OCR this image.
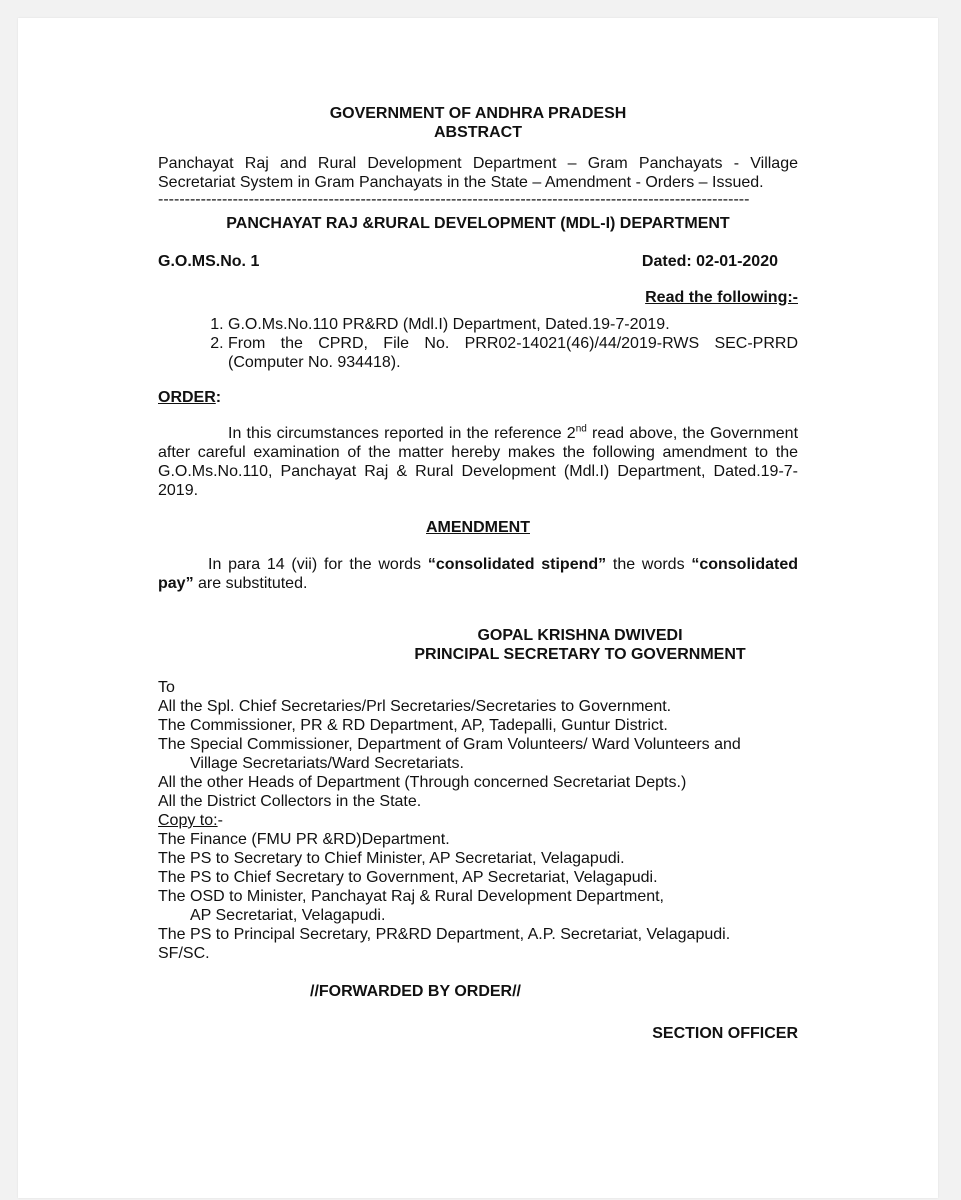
GOVERNMENT OF ANDHRA PRADESH
ABSTRACT
Panchayat Raj and Rural Development Department – Gram Panchayats - Village Secretariat System in Gram Panchayats in the State – Amendment - Orders – Issued.
---------------------------------------------------------------------------------------------------------------
PANCHAYAT RAJ &RURAL DEVELOPMENT (MDL-I) DEPARTMENT
G.O.MS.No. 1	Dated: 02-01-2020
Read the following:-
1. G.O.Ms.No.110 PR&RD (Mdl.I) Department, Dated.19-7-2019.
2. From the CPRD, File No. PRR02-14021(46)/44/2019-RWS SEC-PRRD (Computer No. 934418).
ORDER:
In this circumstances reported in the reference 2nd read above, the Government after careful examination of the matter hereby makes the following amendment to the G.O.Ms.No.110, Panchayat Raj & Rural Development (Mdl.I) Department, Dated.19-7-2019.
AMENDMENT
In para 14 (vii) for the words “consolidated stipend” the words “consolidated pay” are substituted.
GOPAL KRISHNA DWIVEDI
PRINCIPAL SECRETARY TO GOVERNMENT
To
All the Spl. Chief Secretaries/Prl Secretaries/Secretaries to Government.
The Commissioner, PR & RD Department, AP, Tadepalli, Guntur District.
The Special Commissioner, Department of Gram Volunteers/ Ward Volunteers and
Village Secretariats/Ward Secretariats.
All the other Heads of Department (Through concerned Secretariat Depts.)
All the District Collectors in the State.
Copy to:-
The Finance (FMU PR &RD)Department.
The PS to Secretary to Chief Minister, AP Secretariat, Velagapudi.
The PS to Chief Secretary to Government, AP Secretariat, Velagapudi.
The OSD to Minister, Panchayat Raj & Rural Development Department,
AP Secretariat, Velagapudi.
The PS to Principal Secretary, PR&RD Department, A.P. Secretariat, Velagapudi.
SF/SC.
//FORWARDED BY ORDER//
SECTION OFFICER
